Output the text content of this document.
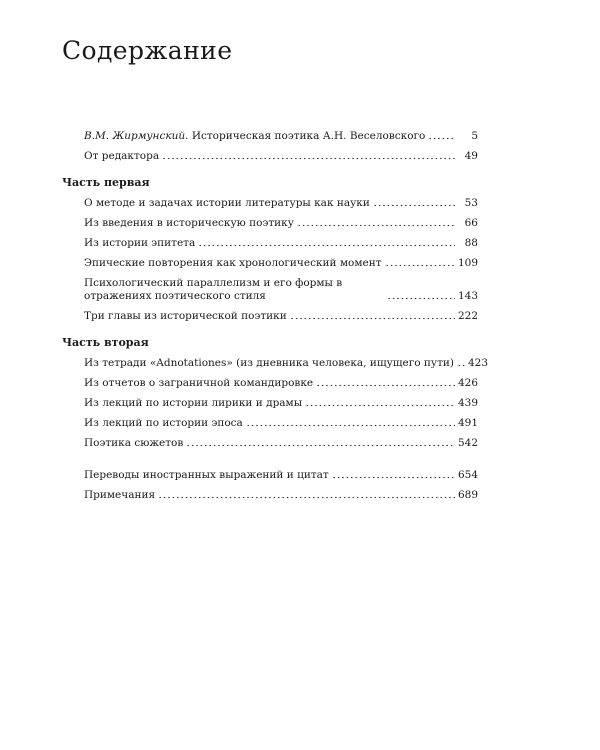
Содержание
В.М. Жирмунский. Историческая поэтика А.Н. Веселовского	5
От редактора	49
Часть первая
О методе и задачах истории литературы как науки	53
Из введения в историческую поэтику	66
Из истории эпитета	88
Эпические повторения как хронологический момент	109
Психологический параллелизм и его формы в отражениях поэтического стиля	143
Три главы из исторической поэтики	222
Часть вторая
Из тетради «Adnotationes» (из дневника человека, ищущего пути) 423
Из отчетов о заграничной командировке	426
Из лекций по истории лирики и драмы	439
Из лекций по истории эпоса	491
Поэтика сюжетов	542
Переводы иностранных выражений и цитат	654
Примечания	689
